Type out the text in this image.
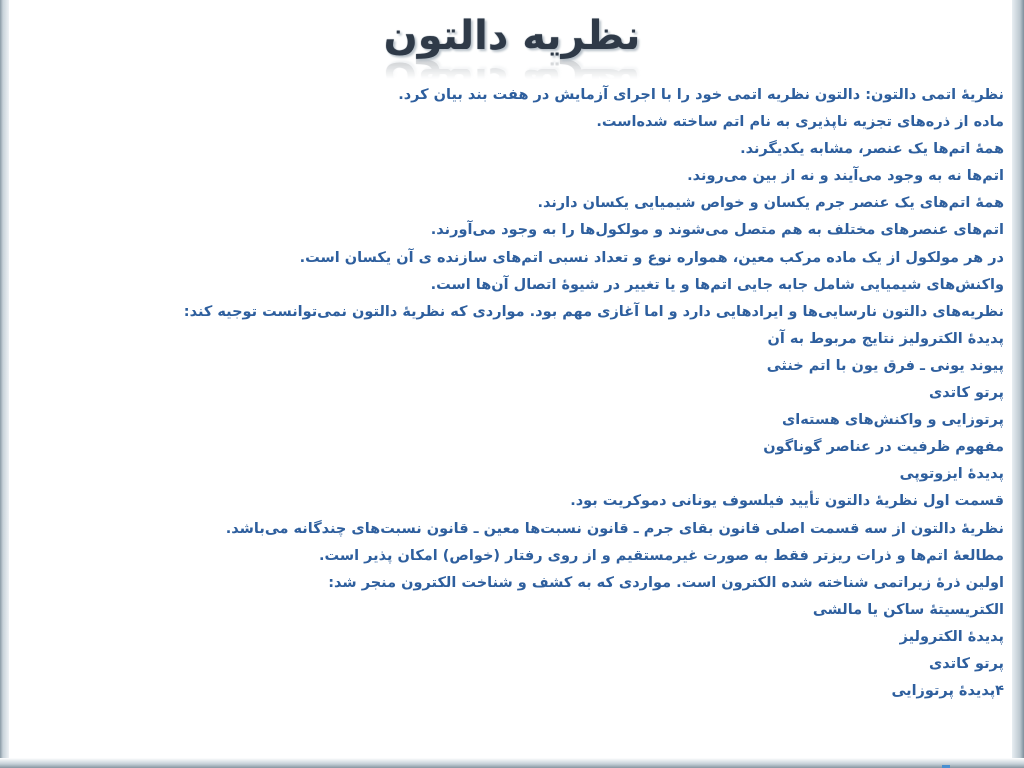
نظریه دالتون
نظریهٔ اتمی دالتون: دالتون نظریه اتمی خود را با اجرای آزمایش در هفت بند بیان کرد.
ماده از ذره‌های تجزیه ناپذیری به نام اتم ساخته شده‌است.
همهٔ اتم‌ها یک عنصر، مشابه یکدیگرند.
اتم‌ها نه به وجود می‌آیند و نه از بین می‌روند.
همهٔ اتم‌های یک عنصر جرم یکسان و خواص شیمیایی یکسان دارند.
اتم‌های عنصرهای مختلف به هم متصل می‌شوند و مولکول‌ها را به وجود می‌آورند.
در هر مولکول از یک ماده مرکب معین، همواره نوع و تعداد نسبی اتم‌های سازنده ی آن یکسان است.
واکنش‌های شیمیایی شامل جابه جایی اتم‌ها و یا تغییر در شیوهٔ اتصال آن‌ها است.
نظریه‌های دالتون نارسایی‌ها و ایرادهایی دارد و اما آغازی مهم بود. مواردی که نظریهٔ دالتون نمی‌توانست توجیه کند:
پدیدهٔ الکترولیز نتایج مربوط به آن
پیوند یونی ـ فرق یون با اتم خنثی
پرتو کاتدی
پرتوزایی و واکنش‌های هسته‌ای
مفهوم ظرفیت در عناصر گوناگون
پدیدهٔ ایزوتوپی
قسمت اول نظریهٔ دالتون تأیید فیلسوف یونانی دموکریت بود.
نظریهٔ دالتون از سه قسمت اصلی قانون بقای جرم ـ قانون نسبت‌ها معین ـ قانون نسبت‌های چندگانه می‌باشد.
مطالعهٔ اتم‌ها و ذرات ریزتر فقط به صورت غیرمستقیم و از روی رفتار (خواص) امکان پذیر است.
اولین ذرهٔ زیراتمی شناخته شده الکترون است. مواردی که به کشف و شناخت الکترون منجر شد:
الکتریسیتهٔ ساکن یا مالشی
پدیدهٔ الکترولیز
پرتو کاتدی
۴پدیدهٔ پرتوزایی
